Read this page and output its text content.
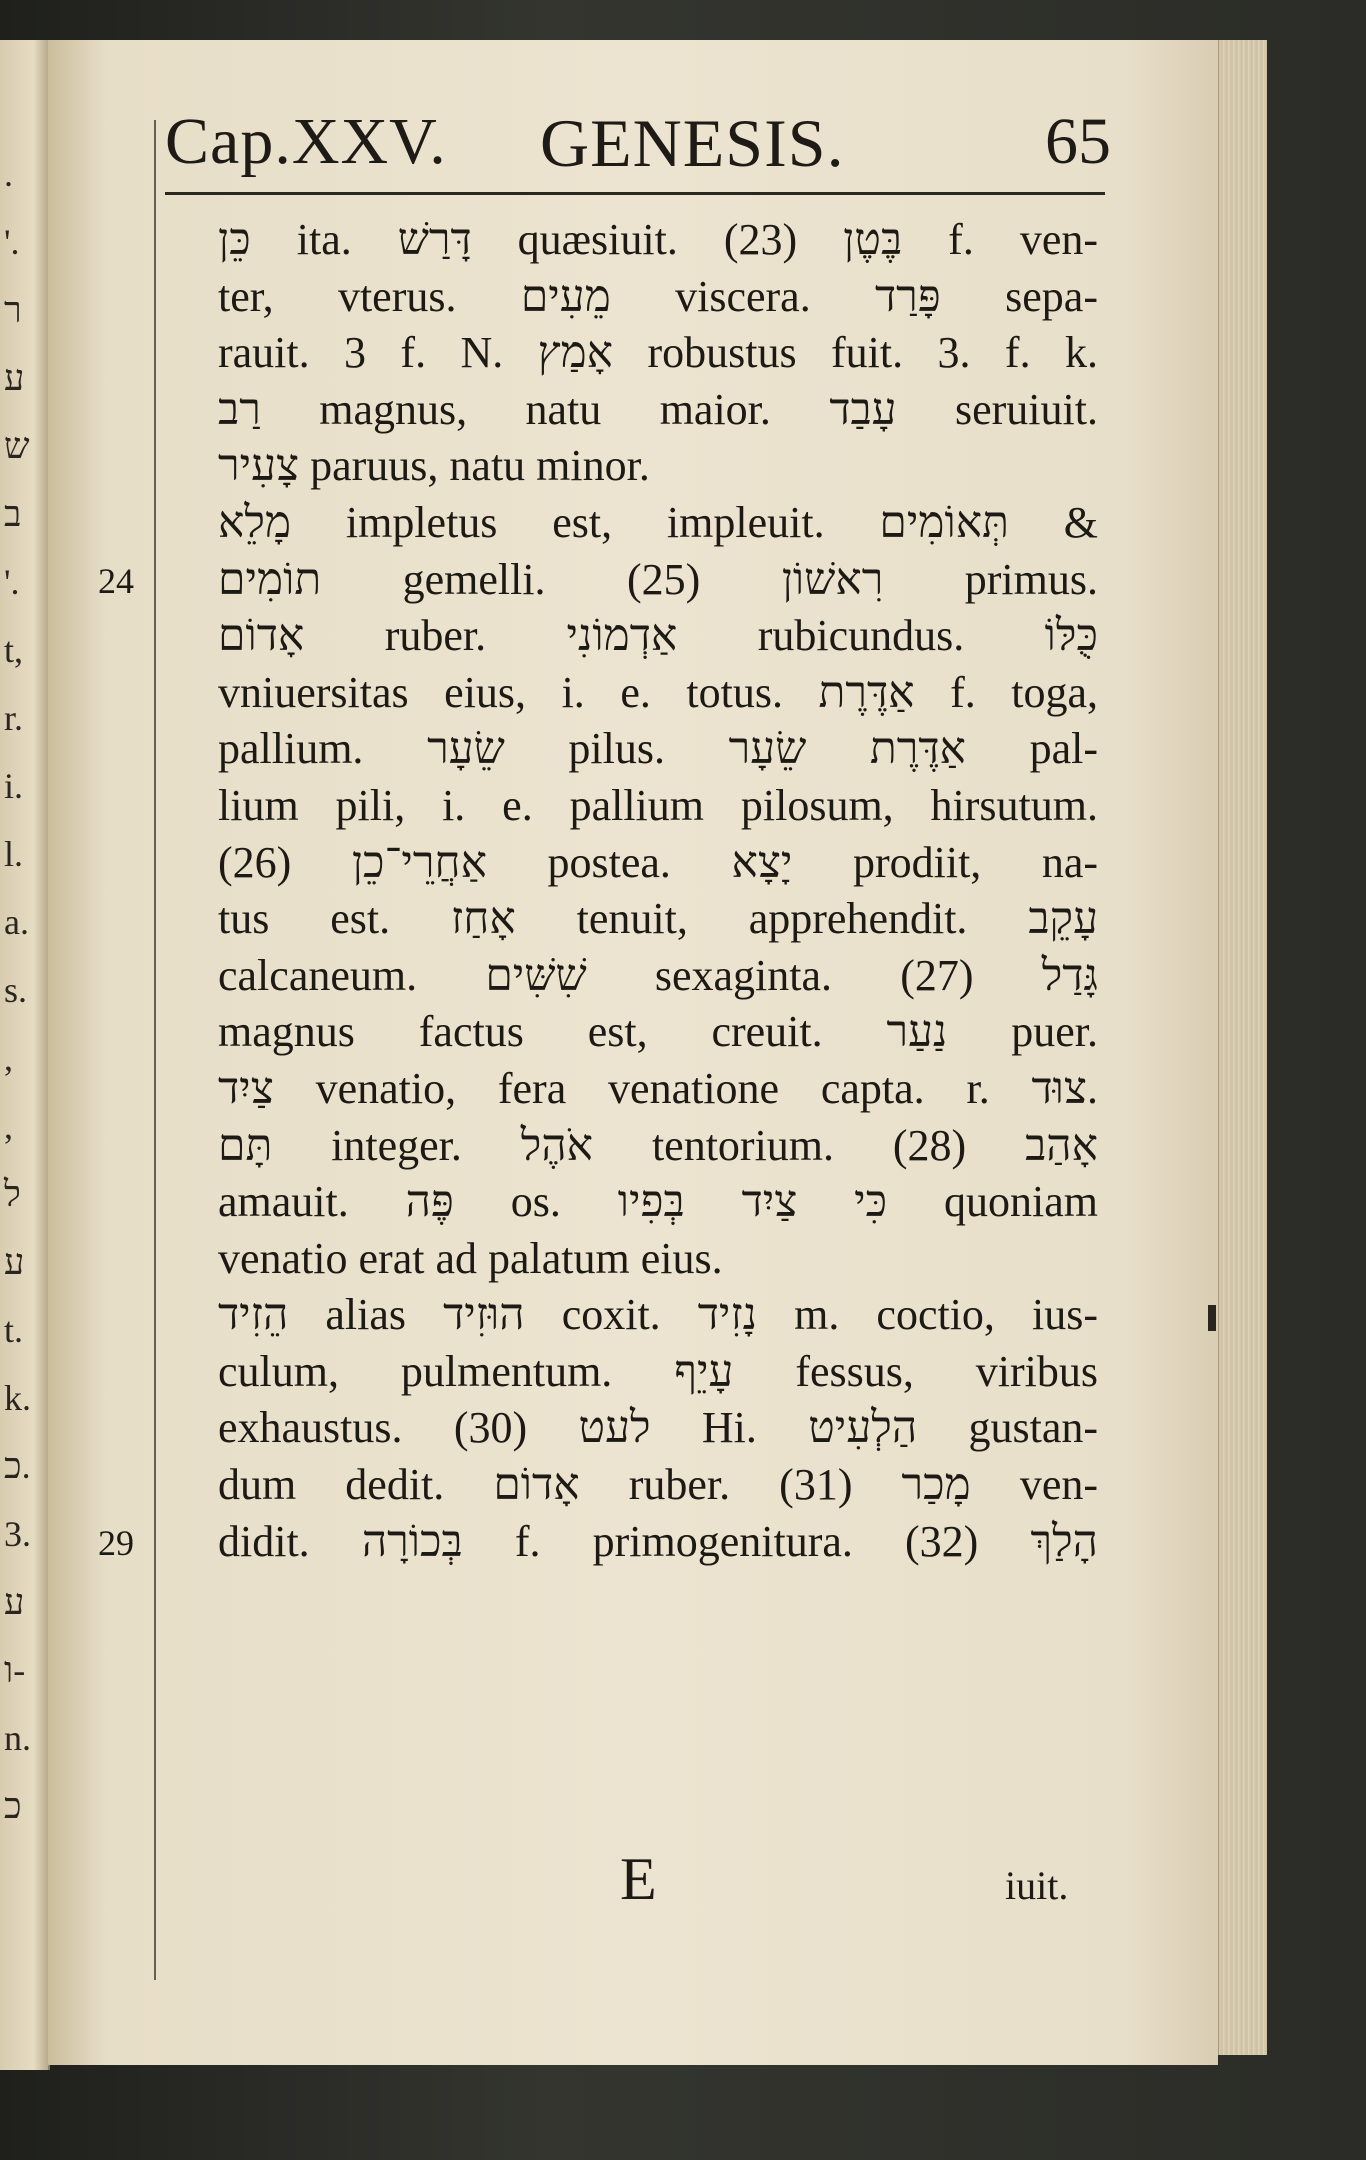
.
'.
ר
ע
ש
ב
'.
t,
r.
i.
l.
a.
s.
,
,
ל
ע
t.
k.
כ.
3.
ע
ו-
n.
כ
Cap.XXV. GENESIS.	65
24
29
כֵּן ita. דָּרַשׁ quæsiuit. (23) בֶּטֶן f. ven-
ter, vterus. מֵעִים viscera. פָּרַד sepa-
rauit. 3 f. N. אָמַץ robustus fuit. 3. f. k.
רַב magnus, natu maior. עָבַד seruiuit.
צָעִיר paruus, natu minor.
מָלֵא impletus est, impleuit. תְּאוֹמִים &
תוֹמִים gemelli. (25) רִאשׁוֹן primus.
אָדוֹם ruber. אַדְמוֹנִי rubicundus. כֻּלּוֹ
vniuersitas eius, i. e. totus. אַדֶּרֶת f. toga,
pallium. שֵׂעָר pilus. אַדֶּרֶת שֵׂעָר pal-
lium pili, i. e. pallium pilosum, hirsutum.
(26) אַחֲרֵי־כֵן postea. יָצָא prodiit, na-
tus est. אָחַז tenuit, apprehendit. עָקֵב
calcaneum. שִׁשִּׁים sexaginta. (27) גָּדַל
magnus factus est, creuit. נַעַר puer.
צַיִד venatio, fera venatione capta. r. צוּד.
תָּם integer. אֹהֶל tentorium. (28) אָהַב
amauit. פֶּה os. כִּי צַיִד בְּפִיו quoniam
venatio erat ad palatum eius.
הֵזִיד alias הוּזִיד coxit. נָזִיד m. coctio, ius-
culum, pulmentum. עָיֵף fessus, viribus
exhaustus. (30) לעט Hi. הַלְעִיט gustan-
dum dedit. אָדוֹם ruber. (31) מָכַר ven-
didit. בְּכוֹרָה f. primogenitura. (32) הָלַךְ
E	iuit.
